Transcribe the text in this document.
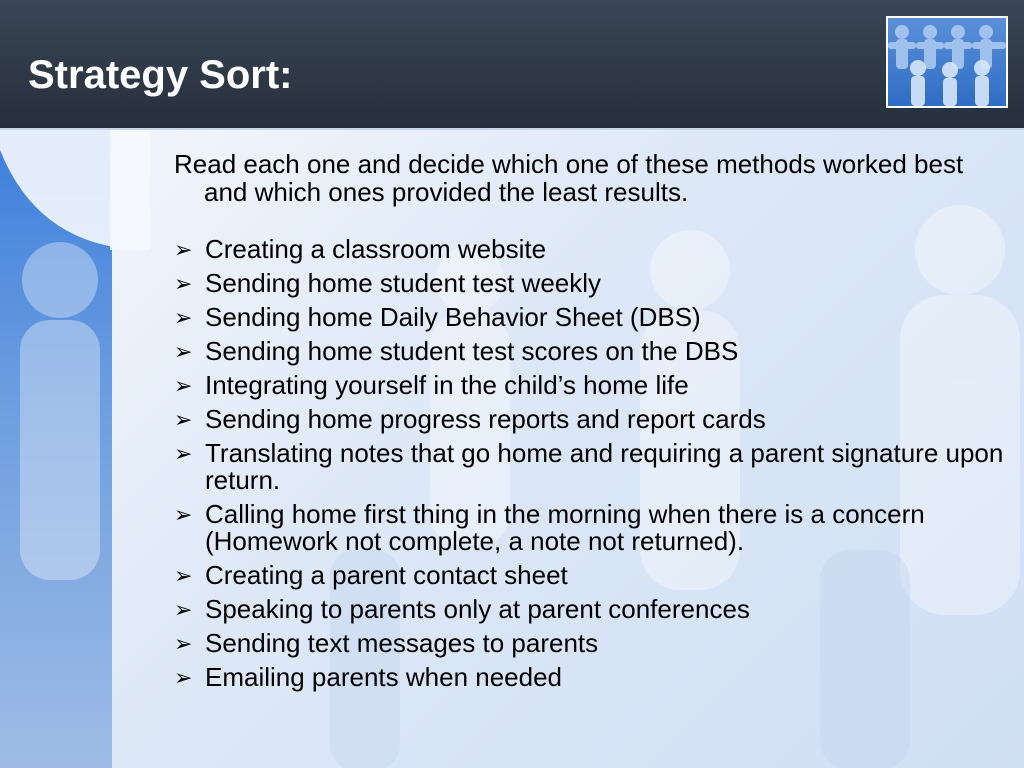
Strategy Sort:

Read each one and decide which one of these methods worked best and which ones provided the least results.

➢ Creating a classroom website
➢ Sending home student test weekly
➢ Sending home Daily Behavior Sheet (DBS)
➢ Sending home student test scores on the DBS
➢ Integrating yourself in the child’s home life
➢ Sending home progress reports and report cards
➢ Translating notes that go home and requiring a parent signature upon return.
➢ Calling home first thing in the morning when there is a concern (Homework not complete, a note not returned).
➢ Creating a parent contact sheet
➢ Speaking to parents only at parent conferences
➢ Sending text messages to parents
➢ Emailing parents when needed
